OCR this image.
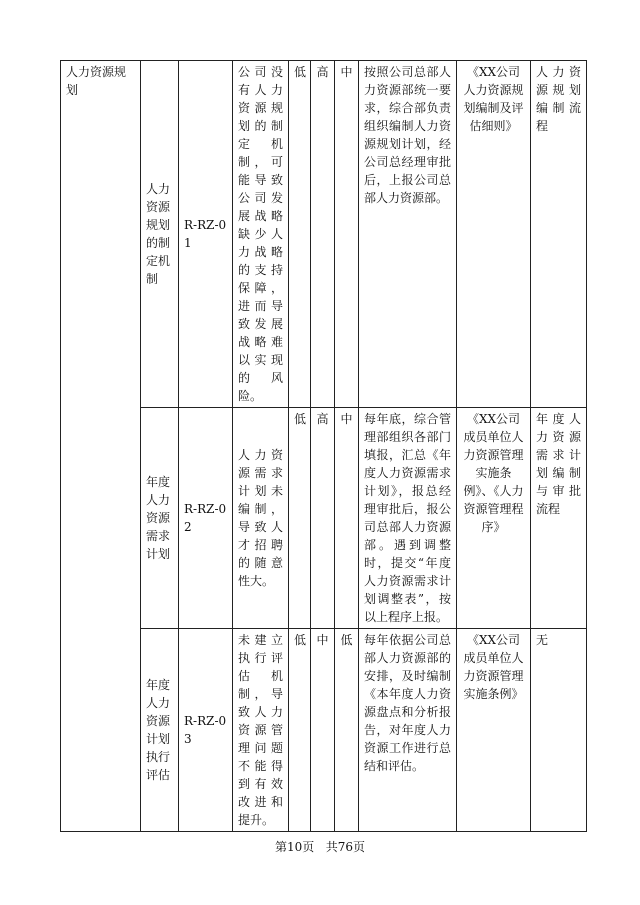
人力资源规划	人力资源规划的制定机制	R-RZ-01	公司没有人力资源规划的制定机制，可能导致公司发展战略缺少人力战略的支持保障，进而导致发展战略难以实现的风险。	低	高	中	按照公司总部人力资源部统一要求，综合部负责组织编制人力资源规划计划，经公司总经理审批后，上报公司总部人力资源部。	《XX公司人力资源规划编制及评估细则》	人力资源规划编制流程
	年度人力资源需求计划	R-RZ-02	人力资源需求计划未编制，导致人才招聘的随意性大。	低	高	中	每年底，综合管理部组织各部门填报，汇总《年度人力资源需求计划》，报总经理审批后，报公司总部人力资源部。遇到调整时，提交“年度人力资源需求计划调整表”，按以上程序上报。	《XX公司成员单位人力资源管理实施条例》、《人力资源管理程序》	年度人力资源需求计划编制与审批流程
	年度人力资源计划执行评估	R-RZ-03	未建立执行评估机制，导致人力资源管理问题不能得到有效改进和提升。	低	中	低	每年依据公司总部人力资源部的安排，及时编制《本年度人力资源盘点和分析报告，对年度人力资源工作进行总结和评估。	《XX公司成员单位人力资源管理实施条例》	无
第10页 共76页
